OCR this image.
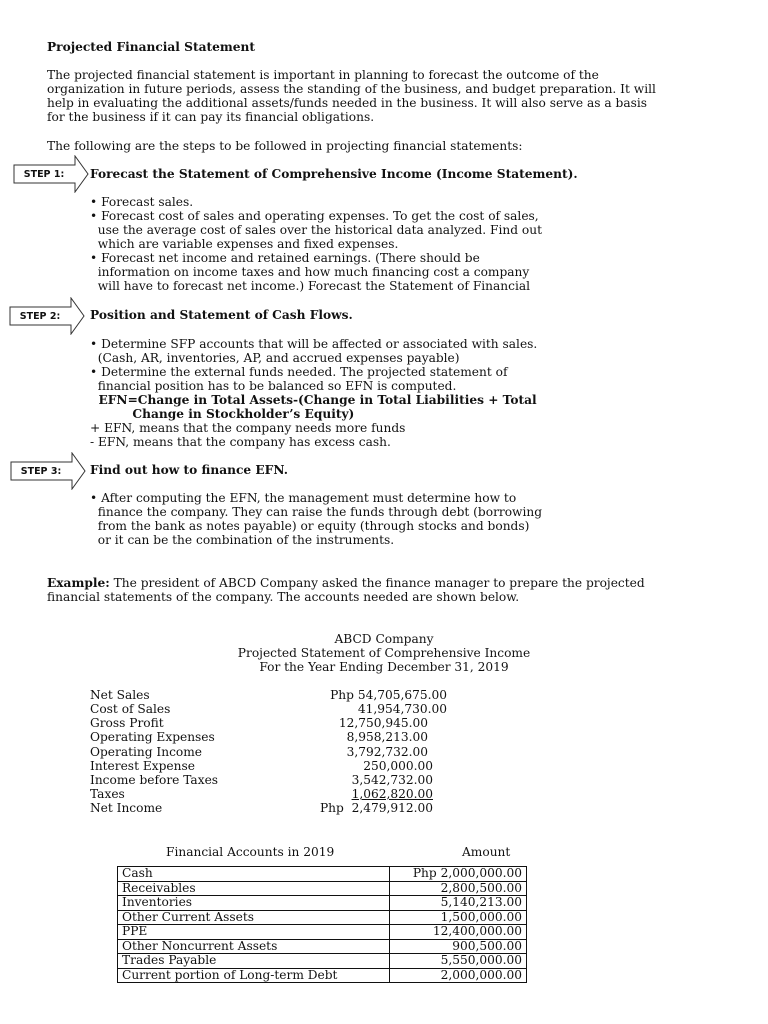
Projected Financial Statement
The projected financial statement is important in planning to forecast the outcome of the
organization in future periods, assess the standing of the business, and budget preparation. It will
help in evaluating the additional assets/funds needed in the business. It will also serve as a basis
for the business if it can pay its financial obligations.
The following are the steps to be followed in projecting financial statements:
STEP 1:	Forecast the Statement of Comprehensive Income (Income Statement).
• Forecast sales.
• Forecast cost of sales and operating expenses. To get the cost of sales,
use the average cost of sales over the historical data analyzed. Find out
which are variable expenses and fixed expenses.
• Forecast net income and retained earnings. (There should be
information on income taxes and how much financing cost a company
will have to forecast net income.) Forecast the Statement of Financial
STEP 2:	Position and Statement of Cash Flows.
• Determine SFP accounts that will be affected or associated with sales.
(Cash, AR, inventories, AP, and accrued expenses payable)
• Determine the external funds needed. The projected statement of
financial position has to be balanced so EFN is computed.
EFN=Change in Total Assets-(Change in Total Liabilities + Total
Change in Stockholder’s Equity)
+ EFN, means that the company needs more funds
- EFN, means that the company has excess cash.
STEP 3:	Find out how to finance EFN.
• After computing the EFN, the management must determine how to
finance the company. They can raise the funds through debt (borrowing
from the bank as notes payable) or equity (through stocks and bonds)
or it can be the combination of the instruments.
Example: The president of ABCD Company asked the finance manager to prepare the projected
financial statements of the company. The accounts needed are shown below.
ABCD Company
Projected Statement of Comprehensive Income
For the Year Ending December 31, 2019
Net Sales	Php 54,705,675.00
Cost of Sales	41,954,730.00
Gross Profit	12,750,945.00
Operating Expenses	8,958,213.00
Operating Income	3,792,732.00
Interest Expense	250,000.00
Income before Taxes	3,542,732.00
Taxes	1,062,820.00
Net Income	Php  2,479,912.00
Financial Accounts in 2019	Amount
Cash	Php 2,000,000.00
Receivables	2,800,500.00
Inventories	5,140,213.00
Other Current Assets	1,500,000.00
PPE	12,400,000.00
Other Noncurrent Assets	900,500.00
Trades Payable	5,550,000.00
Current portion of Long-term Debt	2,000,000.00
